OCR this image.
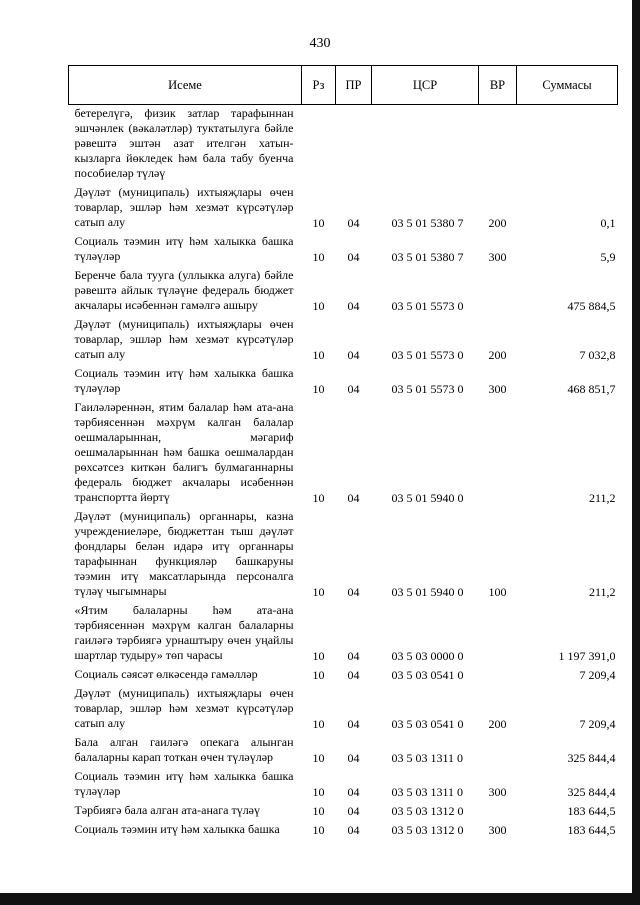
430
Исеме	Рз	ПР	ЦСР	ВР	Суммасы
бетерелүгә, физик затлар тарафыннан эшчәнлек (вәкаләтләр) туктатылуга бәйле рәвештә эштән азат ителгән хатын-кызларга йөкледек һәм бала табу буенча пособиеләр түләү					
Дәүләт (муниципаль) ихтыяҗлары өчен товарлар, эшләр һәм хезмәт күрсәтүләр сатып алу	10	04	03 5 01 5380 7	200	0,1
Социаль тәэмин итү һәм халыкка башка түләүләр	10	04	03 5 01 5380 7	300	5,9
Беренче бала тууга (уллыкка алуга) бәйле рәвештә айлык түләүне федераль бюджет акчалары исәбеннән гамәлгә ашыру	10	04	03 5 01 5573 0		475 884,5
Дәүләт (муниципаль) ихтыяҗлары өчен товарлар, эшләр һәм хезмәт күрсәтүләр сатып алу	10	04	03 5 01 5573 0	200	7 032,8
Социаль тәэмин итү һәм халыкка башка түләүләр	10	04	03 5 01 5573 0	300	468 851,7
Гаиләләреннән, ятим балалар һәм ата-ана тәрбиясеннән мәхрүм калган балалар оешмаларыннан, мәгариф оешмаларыннан һәм башка оешмалардан рөхсәтсез киткән балигъ булмаганнарны федераль бюджет акчалары исәбеннән транспортта йөртү	10	04	03 5 01 5940 0		211,2
Дәүләт (муниципаль) органнары, казна учреждениеләре, бюджеттан тыш дәүләт фондлары белән идарә итү органнары тарафыннан функцияләр башкаруны тәэмин итү максатларында персоналга түләү чыгымнары	10	04	03 5 01 5940 0	100	211,2
«Ятим балаларны һәм ата-ана тәрбиясеннән мәхрүм калган балаларны гаиләгә тәрбиягә урнаштыру өчен уңайлы шартлар тудыру» төп чарасы	10	04	03 5 03 0000 0		1 197 391,0
Социаль сәясәт өлкәсендә гамәлләр	10	04	03 5 03 0541 0		7 209,4
Дәүләт (муниципаль) ихтыяҗлары өчен товарлар, эшләр һәм хезмәт күрсәтүләр сатып алу	10	04	03 5 03 0541 0	200	7 209,4
Бала алган гаиләгә опекага алынган балаларны карап тоткан өчен түләүләр	10	04	03 5 03 1311 0		325 844,4
Социаль тәэмин итү һәм халыкка башка түләүләр	10	04	03 5 03 1311 0	300	325 844,4
Тәрбиягә бала алган ата-анага түләү	10	04	03 5 03 1312 0		183 644,5
Социаль тәэмин итү һәм халыкка башка	10	04	03 5 03 1312 0	300	183 644,5
